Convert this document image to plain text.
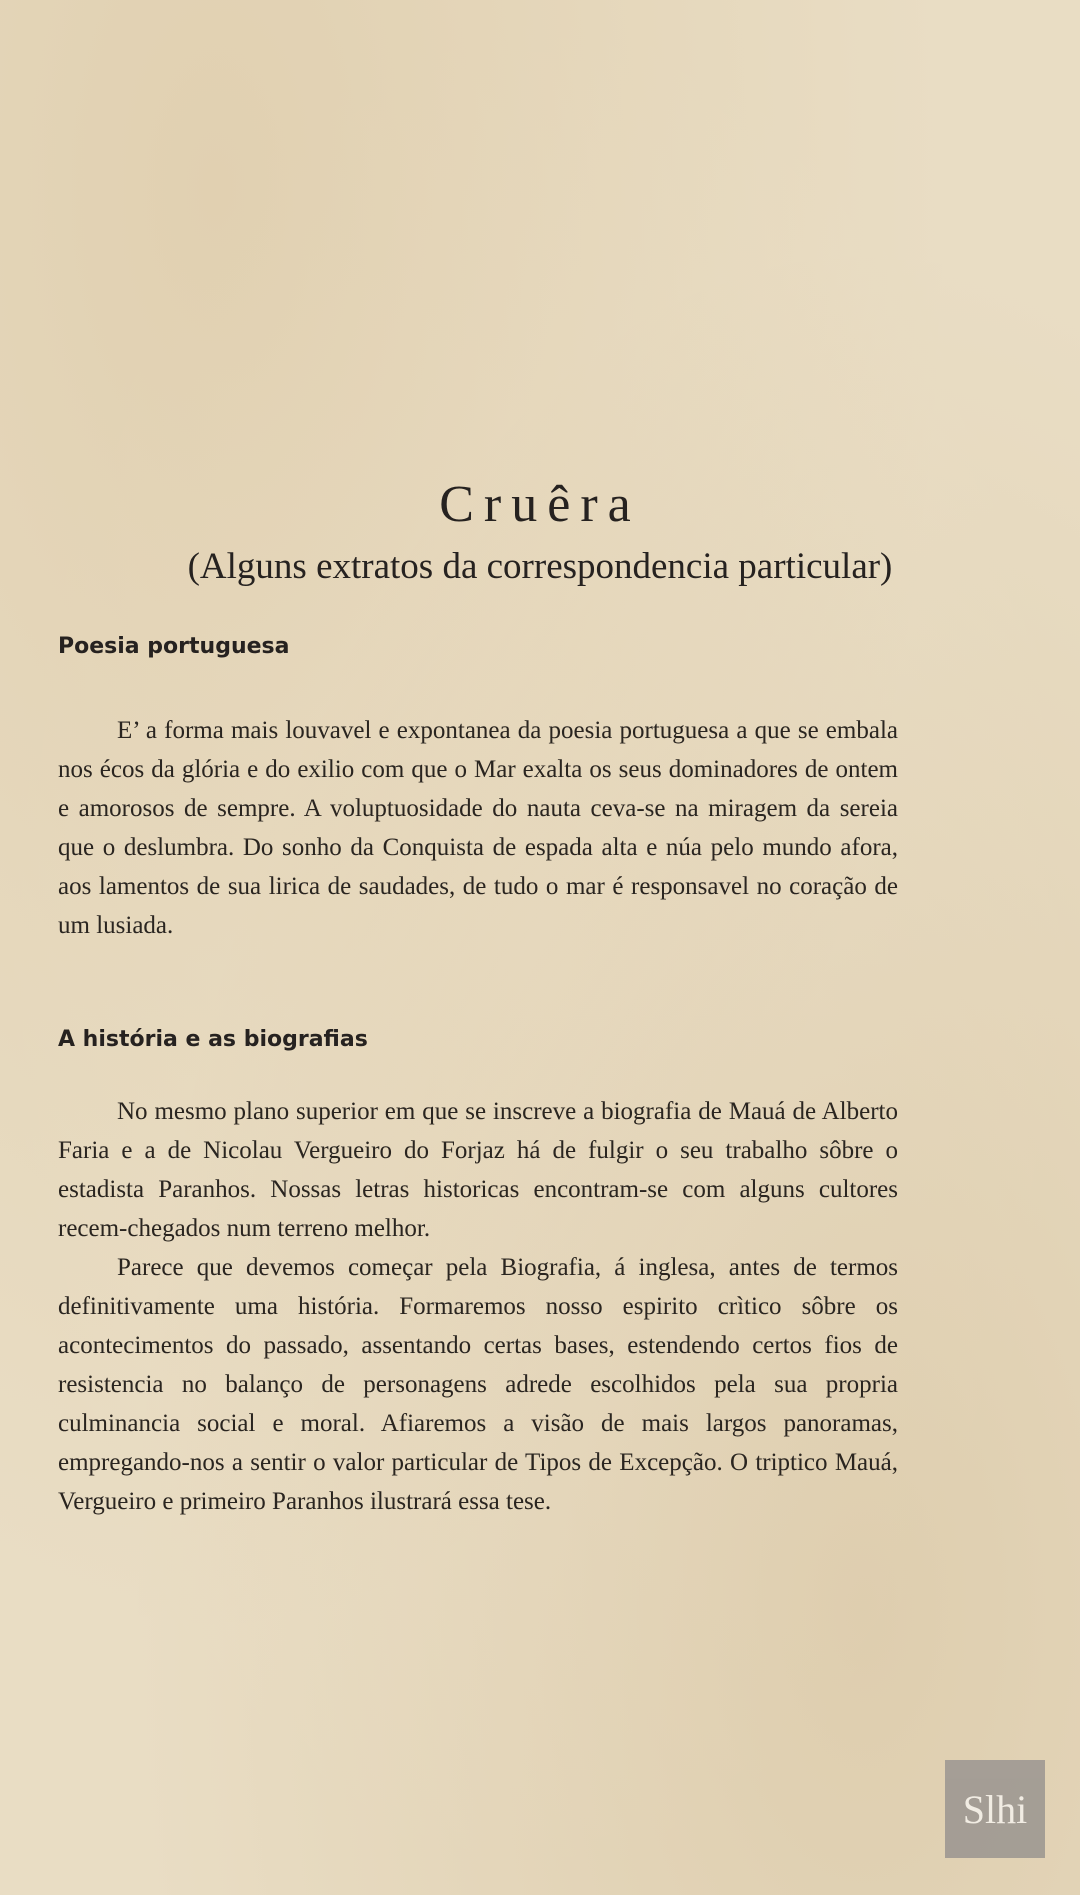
Cruêra
(Alguns extratos da correspondencia particular)
Poesia portuguesa

E’ a forma mais louvavel e expontanea da poesia portuguesa a que se embala nos écos da glória e do exilio com que o Mar exalta os seus dominadores de ontem e amorosos de sempre. A voluptuosidade do nauta ceva-se na miragem da sereia que o deslumbra. Do sonho da Conquista de espada alta e núa pelo mundo afora, aos lamentos de sua lirica de saudades, de tudo o mar é responsavel no coração de um lusiada.

A história e as biografias

No mesmo plano superior em que se inscreve a biografia de Mauá de Alberto Faria e a de Nicolau Vergueiro do Forjaz há de fulgir o seu trabalho sôbre o estadista Paranhos. Nossas letras historicas encontram-se com alguns cultores recem-chegados num terreno melhor.

Parece que devemos começar pela Biografia, á inglesa, antes de termos definitivamente uma história. Formaremos nosso espirito crìtico sôbre os acontecimentos do passado, assentando certas bases, estendendo certos fios de resistencia no balanço de personagens adrede escolhidos pela sua propria culminancia social e moral. Afiaremos a visão de mais largos panoramas, empregando-nos a sentir o valor particular de Tipos de Excepção. O triptico Mauá, Vergueiro e primeiro Paranhos ilustrará essa tese.

Slhi
